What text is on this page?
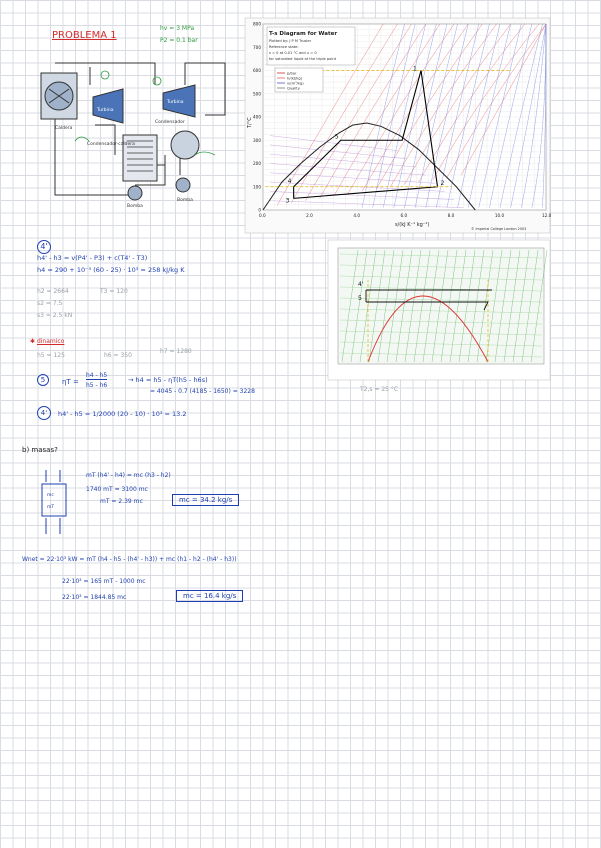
PROBLEMA 1
hv = 3 MPa
P2 = 0.1 bar
Caldera
Turbina
Turbina
Condensador
Condensador-caldera
Bomba
Bomba
0.0	2.0	4.0	6.0	8.0	10.0	12.0
0
100
200
300
400
500
600
700
800
T-s Diagram for Water
Plotted by: J P M Trusler
Reference state:
s = 0 at 0.01 °C and u = 0
for saturated liquid at the triple point
p/bar
h/(kJ/kg)
v/(m³/kg)
Quality
T/°C
s/(kJ K⁻¹ kg⁻¹)
© Imperial College London 2003
1
2
3
4
5
4'
h4' - h3 = v(P4' - P3) + c(T4' - T3)
h4 = 290 + 10⁻³ (60 - 25) · 10³ = 258 kJ/kg K
h2 = 2664
s2 = 7.5
s3 = 2.5 kN
T3 = 120
✱ dinamico
h5 = 125	h6 = 350
h7 = 1280
5	ηT =
h4 - h5
h5 - h6
→ h4 = h5 - ηT(h5 - h6s)
= 4045 - 0.7 (4185 - 1650) = 3228	T2,s = 25 °C
4'	h4' - h5 = 1/2000 (20 - 10) · 10³ = 13.2
4'
5
b) masas?
mc
mT
mT (h4' - h4) = mc (h3 - h2)
1740 mT = 3100 mc
mT = 2.39 mc	mc = 34.2 kg/s
Wnet = 22·10³ kW = mT (h4 - h5 - (h4' - h3)) + mc (h1 - h2 - (h4' - h3))
22·10³ = 165 mT - 1000 mc
22·10³ = 1844.85 mc	mc = 16.4 kg/s
